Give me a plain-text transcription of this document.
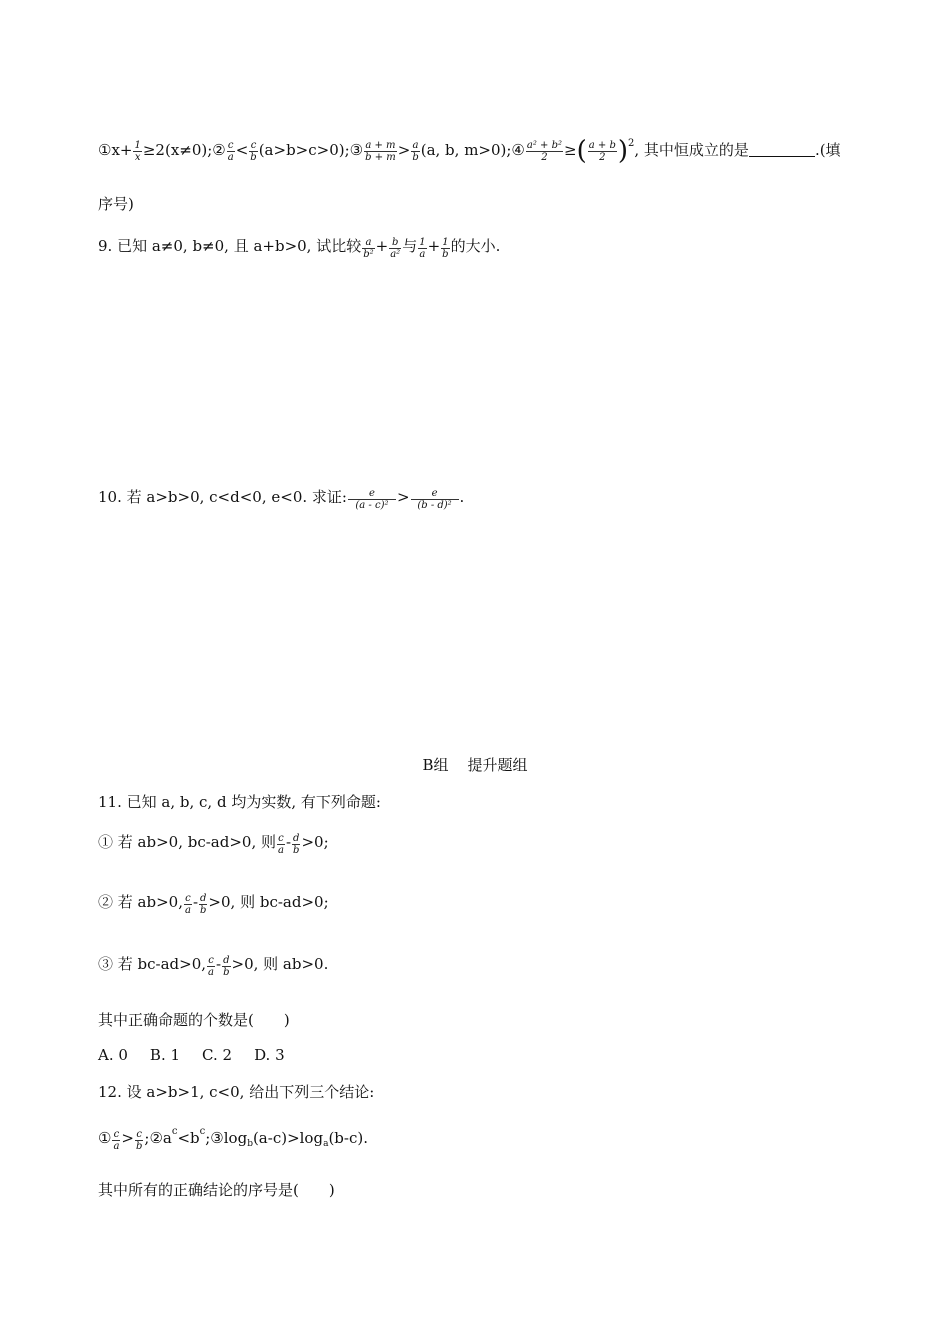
①x+ $\frac{1}{x}$ ≥2(x≠0);② $\frac{c}{a} < \frac{c}{b}$ (a>b>c>0);③ $\frac{a + m}{b + m} > \frac{a}{b} (a$, b, m>0);④ $\frac{\text{a² + b²}}{2}$ ≥( $\frac{a + b}{2} )^2$, 其中恒成立的是	.(填
序号)
9. 已知 a≠0, b≠0, 且 a+b>0, 试比较 $\frac{a}{\text{b²}} + \frac{b}{\text{a²}}$ 与 $\frac{1}{a} + \frac{1}{b}$ 的大小.
10. 若 a>b>0, c<d<0, e<0. 求证: $\frac{e}{\text{(a - c)²}} > \frac{e}{\text{(b - d)²}}$ .
B组    提升题组
11. 已知 a, b, c, d 均为实数, 有下列命题:
① 若 ab>0, bc-ad>0, 则 $\frac{c}{a} - \frac{d}{b} >0$;
② 若 ab>0, $\frac{c}{a} - \frac{d}{b} >0$, 则 bc-ad>0;
③ 若 bc-ad>0, $\frac{c}{a} - \frac{d}{b} >0$, 则 ab>0.
其中正确命题的个数是(　　)
A. 0 B. 1 C. 2 D. 3
12. 设 a>b>1, c<0, 给出下列三个结论:
① $\frac{c}{a} > \frac{c}{b}$ $;②a^c<b^c;③\log_b(a-c)>\log_a(b-c)$.
其中所有的正确结论的序号是(　　)
